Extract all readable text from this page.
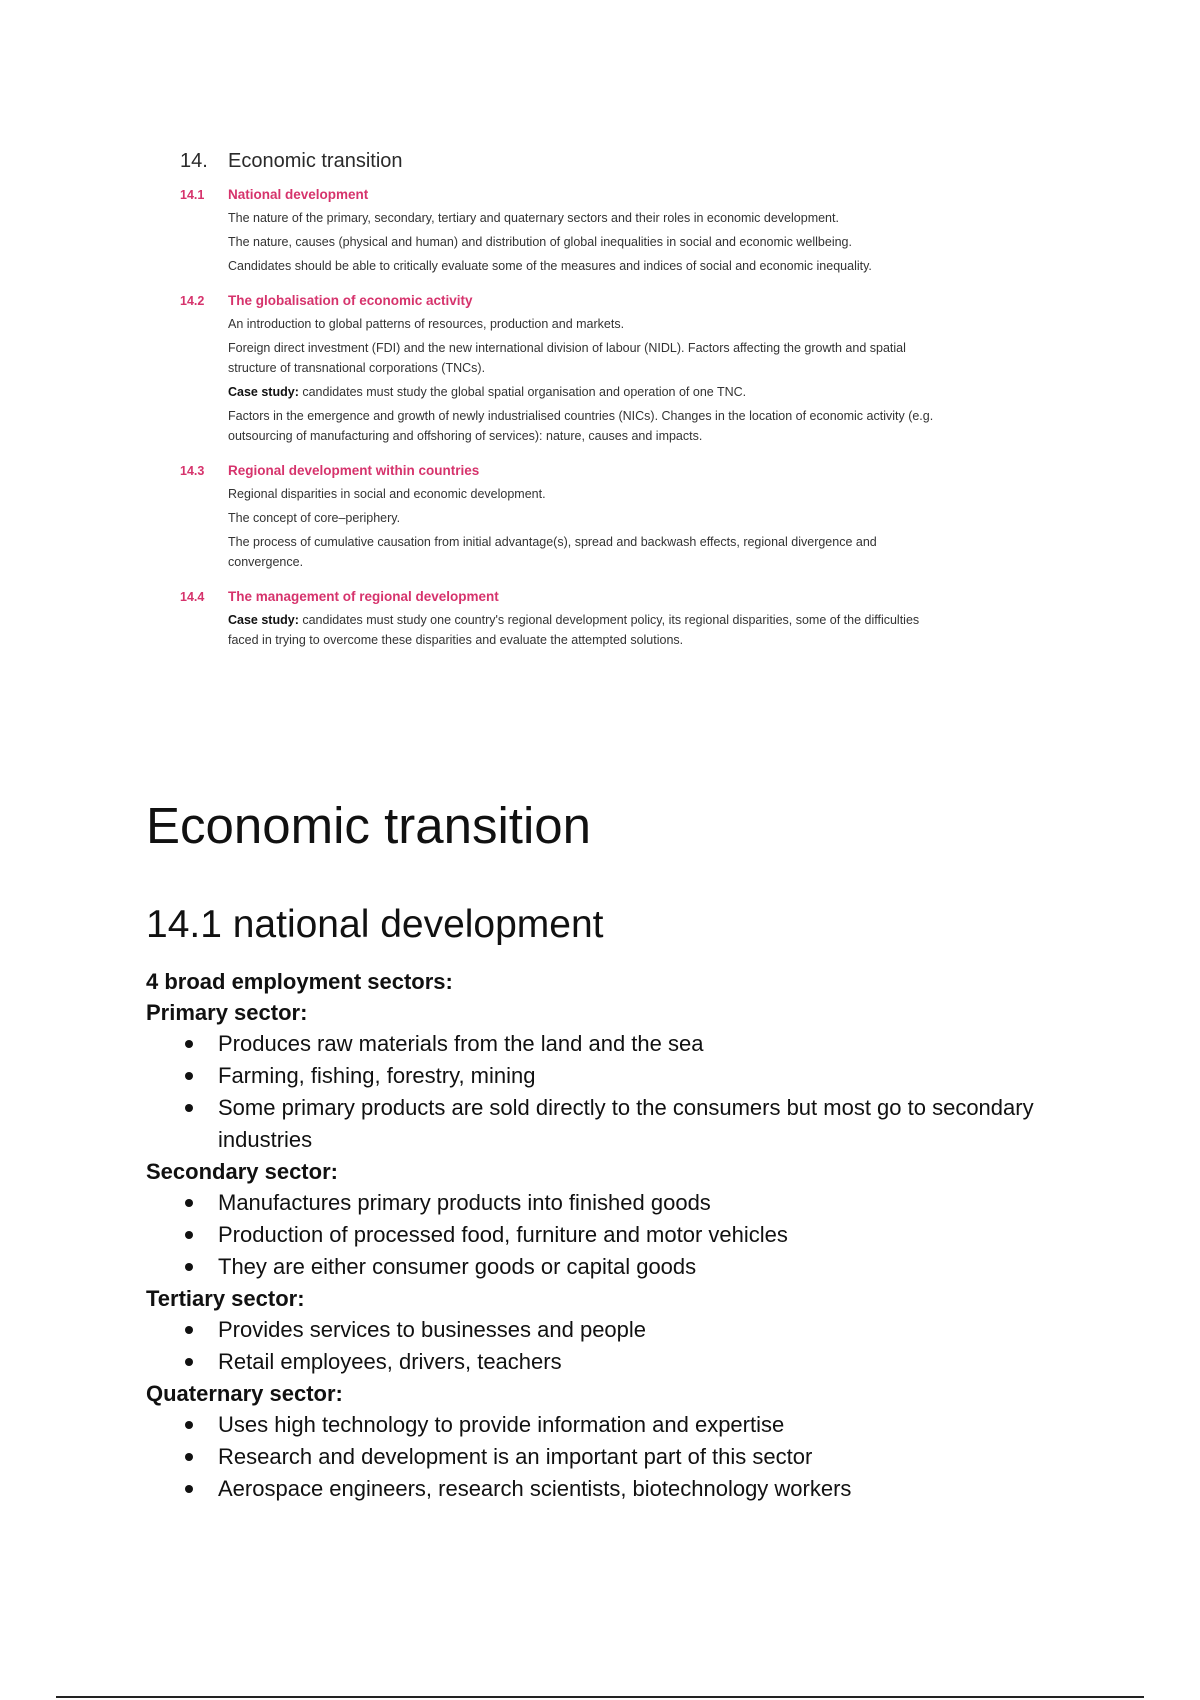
14.	Economic transition
14.1	National development
The nature of the primary, secondary, tertiary and quaternary sectors and their roles in economic development.
The nature, causes (physical and human) and distribution of global inequalities in social and economic wellbeing.
Candidates should be able to critically evaluate some of the measures and indices of social and economic inequality.
14.2	The globalisation of economic activity
An introduction to global patterns of resources, production and markets.
Foreign direct investment (FDI) and the new international division of labour (NIDL). Factors affecting the growth and spatial structure of transnational corporations (TNCs).
Case study: candidates must study the global spatial organisation and operation of one TNC.
Factors in the emergence and growth of newly industrialised countries (NICs). Changes in the location of economic activity (e.g. outsourcing of manufacturing and offshoring of services): nature, causes and impacts.
14.3	Regional development within countries
Regional disparities in social and economic development.
The concept of core–periphery.
The process of cumulative causation from initial advantage(s), spread and backwash effects, regional divergence and convergence.
14.4	The management of regional development
Case study: candidates must study one country's regional development policy, its regional disparities, some of the difficulties faced in trying to overcome these disparities and evaluate the attempted solutions.
Economic transition
14.1 national development
4 broad employment sectors:
Primary sector:
Produces raw materials from the land and the sea
Farming, fishing, forestry, mining
Some primary products are sold directly to the consumers but most go to secondary industries
Secondary sector:
Manufactures primary products into finished goods
Production of processed food, furniture and motor vehicles
They are either consumer goods or capital goods
Tertiary sector:
Provides services to businesses and people
Retail employees, drivers, teachers
Quaternary sector:
Uses high technology to provide information and expertise
Research and development is an important part of this sector
Aerospace engineers, research scientists, biotechnology workers
